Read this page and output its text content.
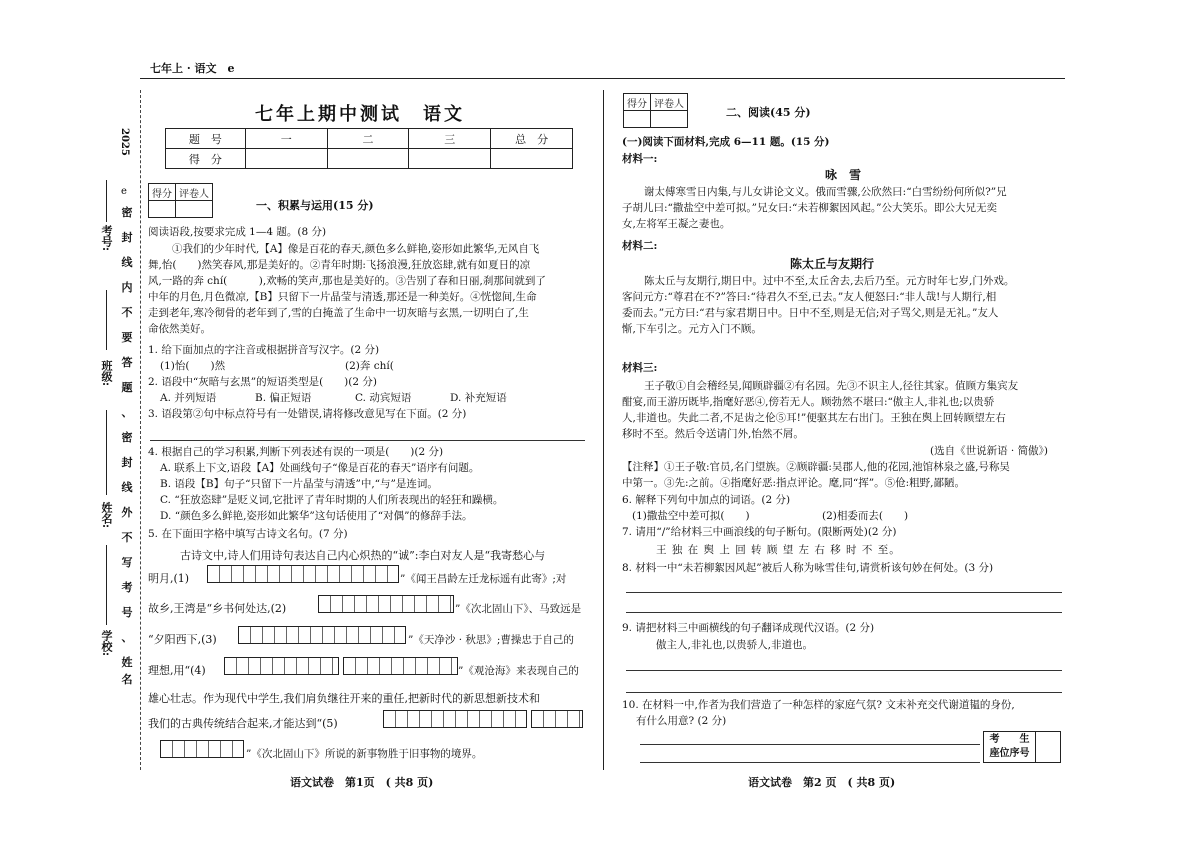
七年上 · 语文　 e
2025
e
考号:
班级:
姓名:
学校:
密
封
线
内
不
要
答
题
、
密
封
线
外
不
写
考
号
、
姓
名
七年上期中测试　语文
题　号	一	二	三	总　分
得　分				
得分	评卷人

一、积累与运用(15 分)
阅读语段,按要求完成 1—4 题。(8 分)
①我们的少年时代,【A】像是百花的春天,颜色多么鲜艳,姿形如此繁华,无风自飞
舞,怡(　　)然笑春风,那是美好的。②青年时期:飞扬浪漫,狂放恣肆,就有如夏日的凉
风,一路的奔 chí(　　　),欢畅的笑声,那也是美好的。③告别了春和日丽,刹那间就到了
中年的月色,月色微凉,【B】只留下一片晶莹与清透,那还是一种美好。④恍惚间,生命
走到老年,寒冷彻骨的老年到了,雪的白掩盖了生命中一切灰暗与玄黑,一切明白了,生
命依然美好。
1. 给下面加点的字注音或根据拼音写汉字。(2 分)
(1)怡(　　)然	(2)奔 chí(
2. 语段中“灰暗与玄黑”的短语类型是(　　)(2 分)
A. 并列短语	B. 偏正短语	C. 动宾短语	D. 补充短语
3. 语段第②句中标点符号有一处错误,请将修改意见写在下面。(2 分)
4. 根据自己的学习积累,判断下列表述有误的一项是(　　)(2 分)
A. 联系上下文,语段【A】处画线句子“像是百花的春天”语序有问题。
B. 语段【B】句子“只留下一片晶莹与清透”中,“与”是连词。
C. “狂放恣肆”是贬义词,它批评了青年时期的人们所表现出的轻狂和躁横。
D. “颜色多么鲜艳,姿形如此繁华”这句话使用了“对偶”的修辞手法。
5. 在下面田字格中填写古诗文名句。(7 分)
古诗文中,诗人们用诗句表达自己内心炽热的“诚”:李白对友人是“我寄愁心与
明月,(1)	”《闻王昌龄左迁龙标遥有此寄》;对
故乡,王湾是“乡书何处达,(2)	”《次北固山下》、马致远是
“夕阳西下,(3)	”《天净沙 · 秋思》;曹操忠于自己的
理想,用“(4)	”《观沧海》来表现自己的
雄心壮志。作为现代中学生,我们肩负继往开来的重任,把新时代的新思想新技术和
我们的古典传统结合起来,才能达到“(5)
”《次北固山下》所说的新事物胜于旧事物的境界。
语文试卷　第1页　( 共8 页)
得分	评卷人

二、阅读(45 分)
(一)阅读下面材料,完成 6—11 题。(15 分)
材料一:
咏　雪
谢太傅寒雪日内集,与儿女讲论文义。俄而雪骤,公欣然曰:“白雪纷纷何所似?”兄
子胡儿曰:“撒盐空中差可拟。”兄女曰:“未若柳絮因风起。”公大笑乐。即公大兄无奕
女,左将军王凝之妻也。
材料二:
陈太丘与友期行
陈太丘与友期行,期日中。过中不至,太丘舍去,去后乃至。元方时年七岁,门外戏。
客问元方:“尊君在不?”答曰:“待君久不至,已去。”友人便怒曰:“非人哉!与人期行,相
委而去。”元方曰:“君与家君期日中。日中不至,则是无信;对子骂父,则是无礼。”友人
惭,下车引之。元方入门不顾。
材料三:
王子敬①自会稽经吴,闻顾辟疆②有名园。先③不识主人,径往其家。值顾方集宾友
酣宴,而王游历既毕,指麾好恶④,傍若无人。顾勃然不堪曰:“傲主人,非礼也;以贵骄
人,非道也。失此二者,不足齿之伦⑤耳!”便驱其左右出门。王独在舆上回转顾望左右
移时不至。然后令送请门外,怡然不屑。
(选自《世说新语 · 简傲》)
【注释】①王子敬:官员,名门望族。②顾辟疆:吴郡人,他的花园,池馆林泉之盛,号称吴
中第一。③先:之前。④指麾好恶:指点评论。麾,同“挥”。⑤伧:粗野,鄙陋。
6. 解释下列句中加点的词语。(2 分)
(1)撒盐空中差可拟(　　)	(2)相委而去(　　)
7. 请用“/”给材料三中画浪线的句子断句。(限断两处)(2 分)
王 独 在 舆 上 回 转 顾 望 左 右 移 时 不 至。
8. 材料一中“未若柳絮因风起”被后人称为咏雪佳句,请赏析该句妙在何处。(3 分)
9. 请把材料三中画横线的句子翻译成现代汉语。(2 分)
傲主人,非礼也,以贵骄人,非道也。
10. 在材料一中,作者为我们营造了一种怎样的家庭气氛? 文末补充交代谢道韫的身份,
有什么用意? (2 分)
考　　生
座位序号
语文试卷　第2 页　( 共8 页)
